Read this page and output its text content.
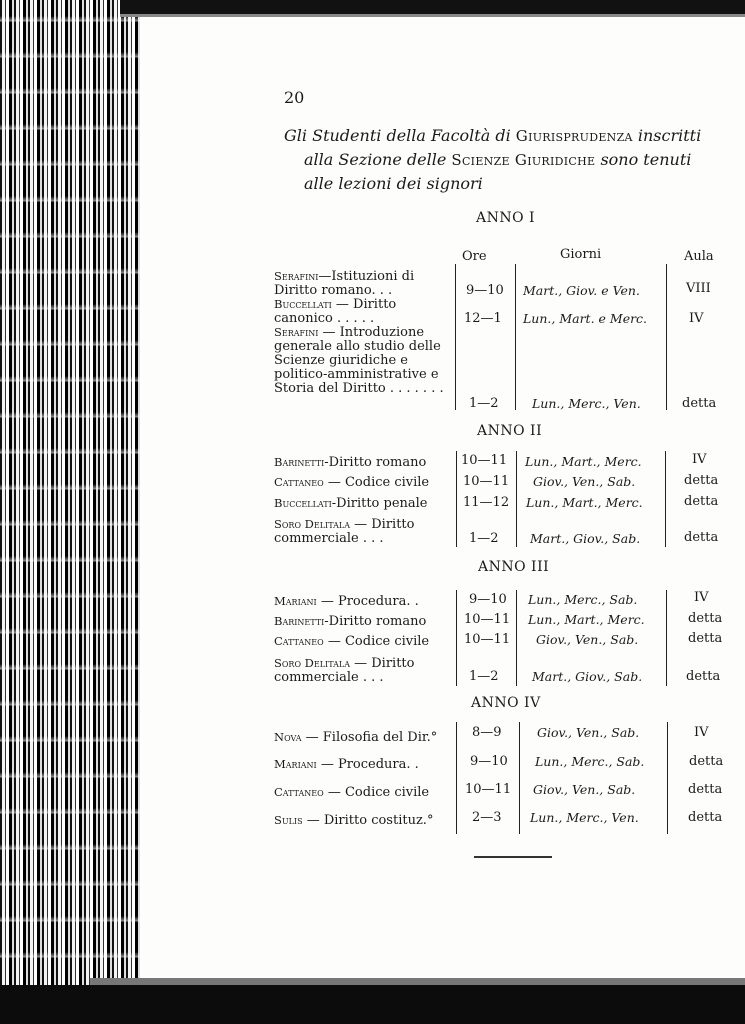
20
Gli Studenti della Facoltà di Giurisprudenza inscritti
alla Sezione delle Scienze Giuridiche sono tenuti
alle lezioni dei signori
ANNO I
Ore	Giorni	Aula
Serafini—Istituzioni di Diritto romano. . .	9—10 Mart., Giov. e Ven.	VIII
Buccellati — Diritto canonico . . . . .	12—1 Lun., Mart. e Merc.	IV
Serafini — Introduzione generale allo studio delle Scienze giuridiche e politico-amministrative e Storia del Diritto . . . . . . .
1—2	Lun., Merc., Ven.	detta
ANNO II
Barinetti-Diritto romano	10—11 Lun., Mart., Merc.	IV
Cattaneo — Codice civile	10—11 Giov., Ven., Sab.	detta
Buccellati-Diritto penale	11—12 Lun., Mart., Merc.	detta
Soro Delitala — Diritto commerciale . . .	1—2	Mart., Giov., Sab.	detta
ANNO III
Mariani — Procedura. .	9—10 Lun., Merc., Sab.	IV
Barinetti-Diritto romano	10—11 Lun., Mart., Merc.	detta
Cattaneo — Codice civile	10—11 Giov., Ven., Sab.	detta
Soro Delitala — Diritto commerciale . . .	1—2	Mart., Giov., Sab.	detta
ANNO IV
Nova — Filosofia del Dir.°	8—9	Giov., Ven., Sab.	IV
Mariani — Procedura. .	9—10 Lun., Merc., Sab.	detta
Cattaneo — Codice civile	10—11 Giov., Ven., Sab.	detta
Sulis — Diritto costituz.°	2—3 Lun., Merc., Ven.	detta
